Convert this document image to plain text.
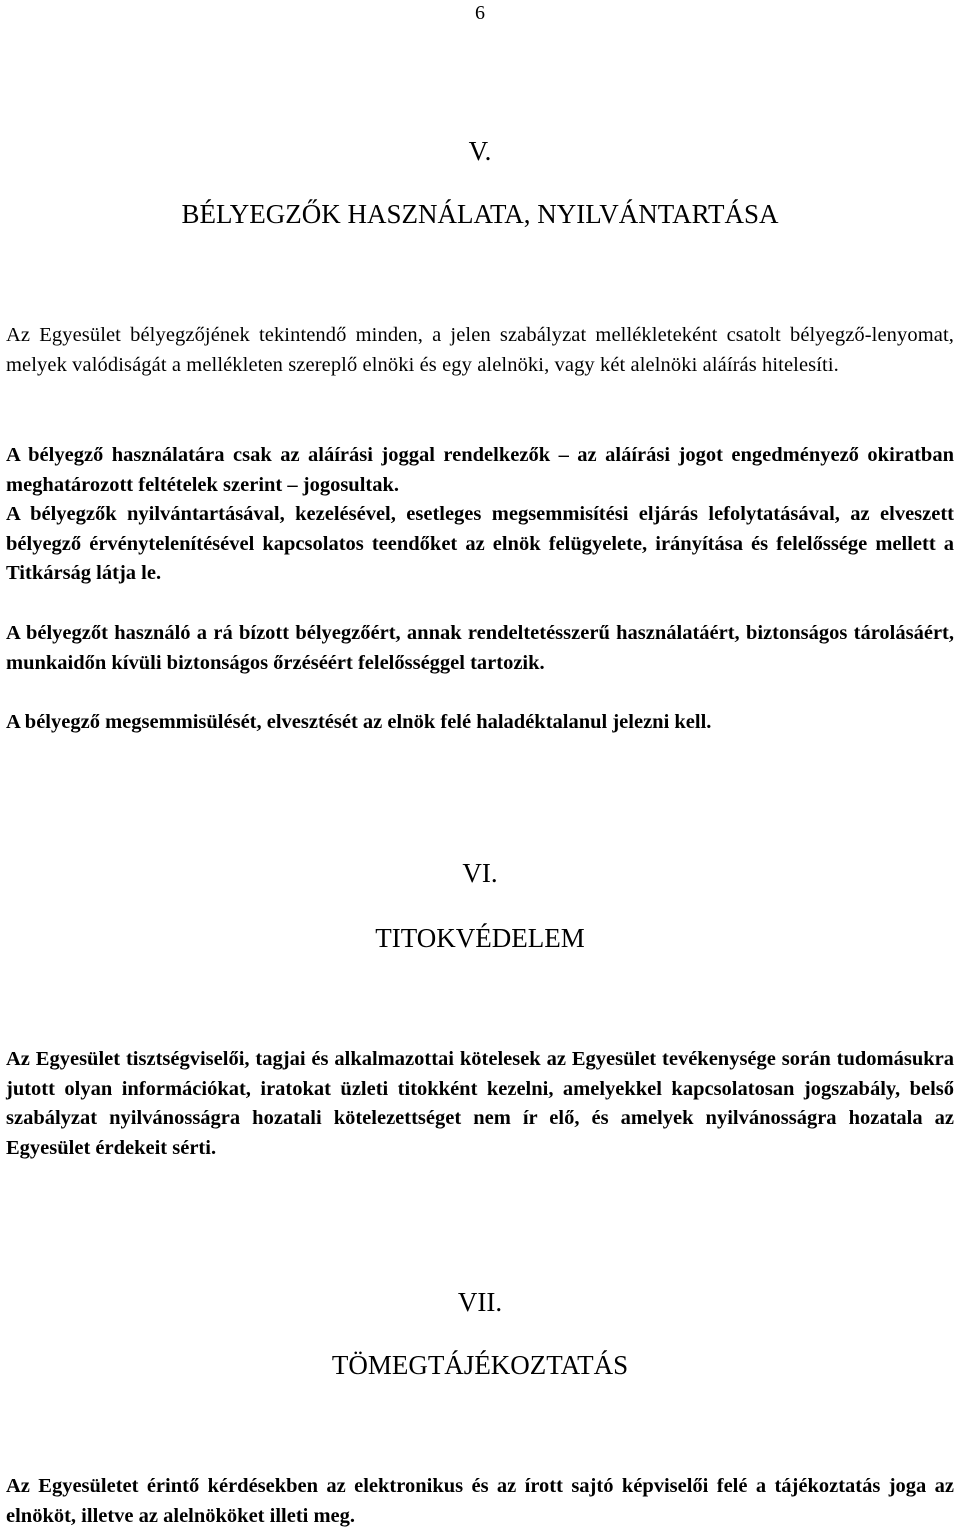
6
V.
BÉLYEGZŐK HASZNÁLATA, NYILVÁNTARTÁSA

Az Egyesület bélyegzőjének tekintendő minden, a jelen szabályzat mellékleteként csatolt bélyegző-lenyomat, melyek valódiságát a mellékleten szereplő elnöki és egy alelnöki, vagy két alelnöki aláírás hitelesíti.

A bélyegző használatára csak az aláírási joggal rendelkezők – az aláírási jogot engedményező okiratban meghatározott feltételek szerint – jogosultak.

A bélyegzők nyilvántartásával, kezelésével, esetleges megsemmisítési eljárás lefolytatásával, az elveszett bélyegző érvénytelenítésével kapcsolatos teendőket az elnök felügyelete, irányítása és felelőssége mellett a Titkárság látja le.

A bélyegzőt használó a rá bízott bélyegzőért, annak rendeltetésszerű használatáért, biztonságos tárolásáért, munkaidőn kívüli biztonságos őrzéséért felelősséggel tartozik.

A bélyegző megsemmisülését, elvesztését az elnök felé haladéktalanul jelezni kell.

VI.
TITOKVÉDELEM

Az Egyesület tisztségviselői, tagjai és alkalmazottai kötelesek az Egyesület tevékenysége során tudomásukra jutott olyan információkat, iratokat üzleti titokként kezelni, amelyekkel kapcsolatosan jogszabály, belső szabályzat nyilvánosságra hozatali kötelezettséget nem ír elő, és amelyek nyilvánosságra hozatala az Egyesület érdekeit sérti.

VII.
TÖMEGTÁJÉKOZTATÁS

Az Egyesületet érintő kérdésekben az elektronikus és az írott sajtó képviselői felé a tájékoztatás joga az elnököt, illetve az alelnököket illeti meg.
